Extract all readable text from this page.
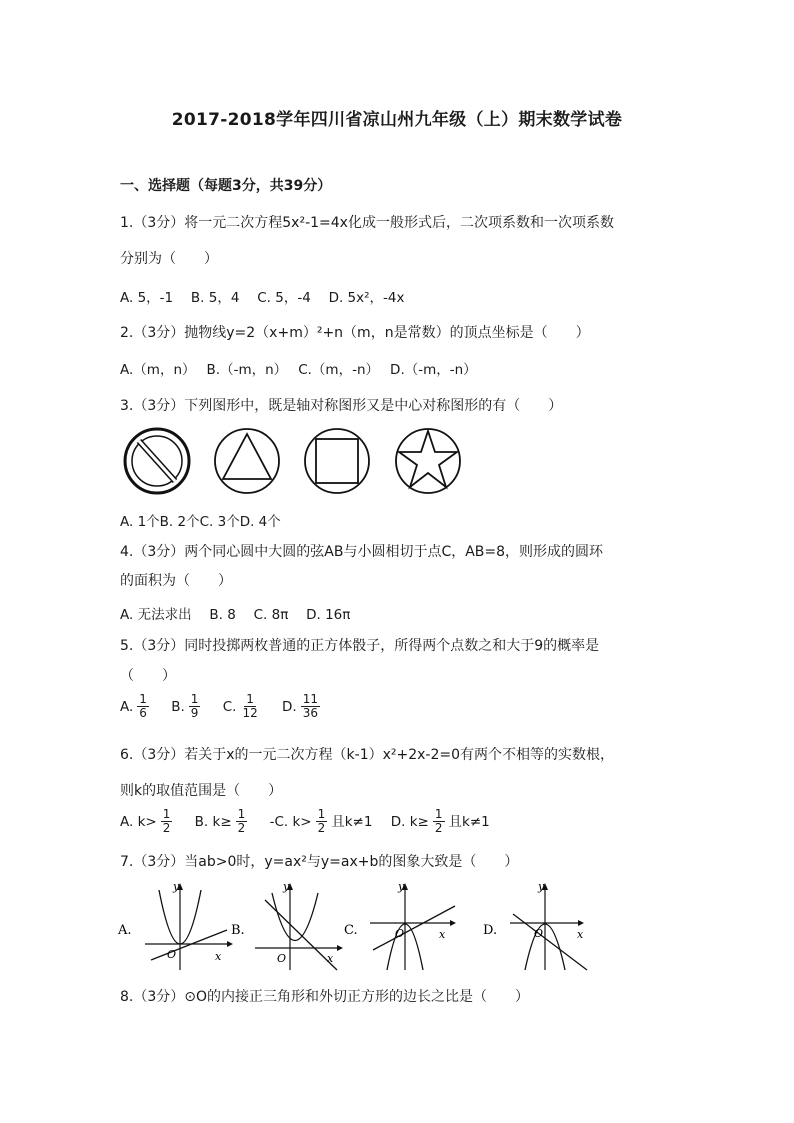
2017-2018学年四川省凉山州九年级（上）期末数学试卷
一、选择题（每题3分，共39分）
1.（3分）将一元二次方程5x²-1=4x化成一般形式后，二次项系数和一次项系数
分别为（　　）
A. 5，-1　 B. 5，4　 C. 5，-4　 D. 5x²，-4x
2.（3分）抛物线y=2（x+m）²+n（m，n是常数）的顶点坐标是（　　）
A.（m，n）　 B.（-m，n）　 C.（m，-n）　 D.（-m，-n）
3.（3分）下列图形中，既是轴对称图形又是中心对称图形的有（　　）
A. 1个B. 2个C. 3个D. 4个
4.（3分）两个同心圆中大圆的弦AB与小圆相切于点C，AB=8，则形成的圆环
的面积为（　　）
A. 无法求出　 B. 8　 C. 8π　 D. 16π
5.（3分）同时投掷两枚普通的正方体骰子，所得两个点数之和大于9的概率是
（　　）
A. $\frac{1}{6} B$. $\frac{1}{9} C$. $\frac{1}{12} D$. $\frac{11}{36}$
6.（3分）若关于x的一元二次方程（k-1）x²+2x-2=0有两个不相等的实数根，
则k的取值范围是（　　）
A. $k> \frac{1}{2} B$. $k\ge \frac{1}{2} -C$. $k> \frac{1}{2}$ 且k≠1 D. $k\ge \frac{1}{2}$ 且k≠1
7.（3分）当ab>0时，y=ax²与y=ax+b的图象大致是（　　）
A.
y
x
O
B.
y
x
O
C.
y
x
O	D.
y
x
O
8.（3分）⊙O的内接正三角形和外切正方形的边长之比是（　　）
